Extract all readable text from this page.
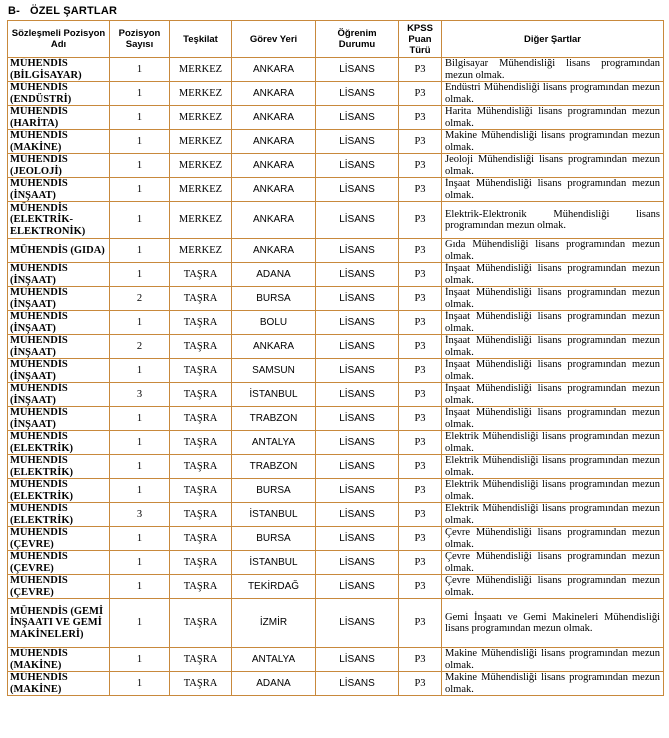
B- ÖZEL ŞARTLAR
Sözleşmeli Pozisyon Adı	Pozisyon Sayısı	Teşkilat	Görev Yeri	Öğrenim Durumu	KPSS Puan Türü	Diğer Şartlar
MÜHENDİS (BİLGİSAYAR)	1	MERKEZ	ANKARA	LİSANS	P3	Bilgisayar Mühendisliği lisans programından mezun olmak.
MÜHENDİS (ENDÜSTRİ)	1	MERKEZ	ANKARA	LİSANS	P3	Endüstri Mühendisliği lisans programından mezun olmak.
MÜHENDİS (HARİTA)	1	MERKEZ	ANKARA	LİSANS	P3	Harita Mühendisliği lisans programından mezun olmak.
MÜHENDİS (MAKİNE)	1	MERKEZ	ANKARA	LİSANS	P3	Makine Mühendisliği lisans programından mezun olmak.
MÜHENDİS (JEOLOJİ)	1	MERKEZ	ANKARA	LİSANS	P3	Jeoloji Mühendisliği lisans programından mezun olmak.
MÜHENDİS (İNŞAAT)	1	MERKEZ	ANKARA	LİSANS	P3	İnşaat Mühendisliği lisans programından mezun olmak.
MÜHENDİS (ELEKTRİK-ELEKTRONİK)	1	MERKEZ	ANKARA	LİSANS	P3	Elektrik-Elektronik Mühendisliği lisans programından mezun olmak.
MÜHENDİS (GIDA)	1	MERKEZ	ANKARA	LİSANS	P3	Gıda Mühendisliği lisans programından mezun olmak.
MÜHENDİS (İNŞAAT)	1	TAŞRA	ADANA	LİSANS	P3	İnşaat Mühendisliği lisans programından mezun olmak.
MÜHENDİS (İNŞAAT)	2	TAŞRA	BURSA	LİSANS	P3	İnşaat Mühendisliği lisans programından mezun olmak.
MÜHENDİS (İNŞAAT)	1	TAŞRA	BOLU	LİSANS	P3	İnşaat Mühendisliği lisans programından mezun olmak.
MÜHENDİS (İNŞAAT)	2	TAŞRA	ANKARA	LİSANS	P3	İnşaat Mühendisliği lisans programından mezun olmak.
MÜHENDİS (İNŞAAT)	1	TAŞRA	SAMSUN	LİSANS	P3	İnşaat Mühendisliği lisans programından mezun olmak.
MÜHENDİS (İNŞAAT)	3	TAŞRA	İSTANBUL	LİSANS	P3	İnşaat Mühendisliği lisans programından mezun olmak.
MÜHENDİS (İNŞAAT)	1	TAŞRA	TRABZON	LİSANS	P3	İnşaat Mühendisliği lisans programından mezun olmak.
MÜHENDİS (ELEKTRİK)	1	TAŞRA	ANTALYA	LİSANS	P3	Elektrik Mühendisliği lisans programından mezun olmak.
MÜHENDİS (ELEKTRİK)	1	TAŞRA	TRABZON	LİSANS	P3	Elektrik Mühendisliği lisans programından mezun olmak.
MÜHENDİS (ELEKTRİK)	1	TAŞRA	BURSA	LİSANS	P3	Elektrik Mühendisliği lisans programından mezun olmak.
MÜHENDİS (ELEKTRİK)	3	TAŞRA	İSTANBUL	LİSANS	P3	Elektrik Mühendisliği lisans programından mezun olmak.
MÜHENDİS (ÇEVRE)	1	TAŞRA	BURSA	LİSANS	P3	Çevre Mühendisliği lisans programından mezun olmak.
MÜHENDİS (ÇEVRE)	1	TAŞRA	İSTANBUL	LİSANS	P3	Çevre Mühendisliği lisans programından mezun olmak.
MÜHENDİS (ÇEVRE)	1	TAŞRA	TEKİRDAĞ	LİSANS	P3	Çevre Mühendisliği lisans programından mezun olmak.
MÜHENDİS (GEMİ İNŞAATI VE GEMİ MAKİNELERİ)	1	TAŞRA	İZMİR	LİSANS	P3	Gemi İnşaatı ve Gemi Makineleri Mühendisliği lisans programından mezun olmak.
MÜHENDİS (MAKİNE)	1	TAŞRA	ANTALYA	LİSANS	P3	Makine Mühendisliği lisans programından mezun olmak.
MÜHENDİS (MAKİNE)	1	TAŞRA	ADANA	LİSANS	P3	Makine Mühendisliği lisans programından mezun olmak.
